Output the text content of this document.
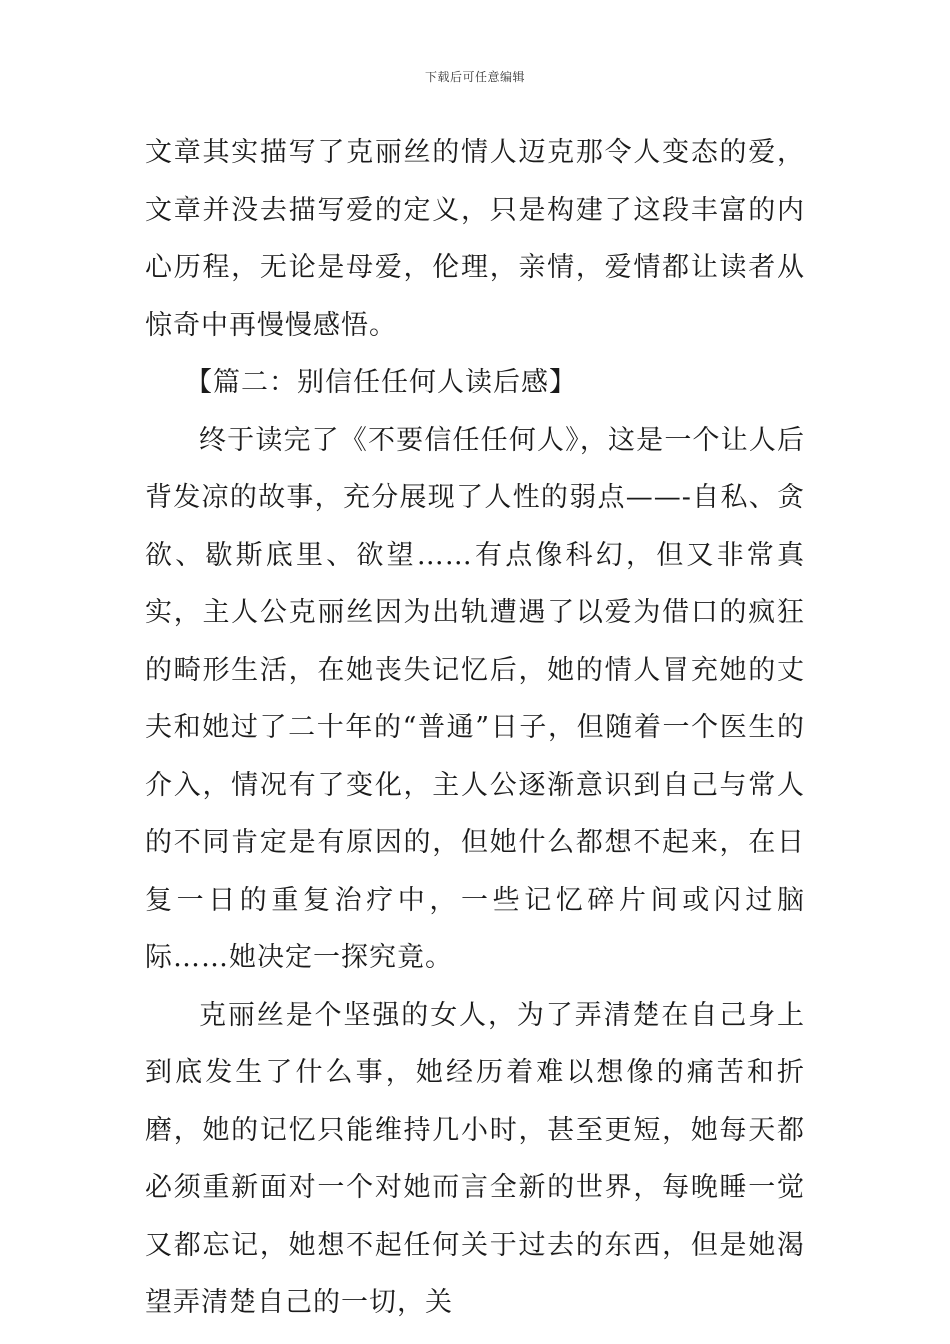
下载后可任意编辑

文章其实描写了克丽丝的情人迈克那令人变态的爱，文章并没去描写爱的定义，只是构建了这段丰富的内心历程，无论是母爱，伦理，亲情，爱情都让读者从惊奇中再慢慢感悟。

【篇二：别信任任何人读后感】

终于读完了《不要信任任何人》，这是一个让人后背发凉的故事，充分展现了人性的弱点——-自私、贪欲、歇斯底里、欲望……有点像科幻，但又非常真实，主人公克丽丝因为出轨遭遇了以爱为借口的疯狂的畸形生活，在她丧失记忆后，她的情人冒充她的丈夫和她过了二十年的“普通”日子，但随着一个医生的介入，情况有了变化，主人公逐渐意识到自己与常人的不同肯定是有原因的，但她什么都想不起来，在日复一日的重复治疗中，一些记忆碎片间或闪过脑际……她决定一探究竟。

克丽丝是个坚强的女人，为了弄清楚在自己身上到底发生了什么事，她经历着难以想像的痛苦和折磨，她的记忆只能维持几小时，甚至更短，她每天都必须重新面对一个对她而言全新的世界，每晚睡一觉又都忘记，她想不起任何关于过去的东西，但是她渴望弄清楚自己的一切，关
